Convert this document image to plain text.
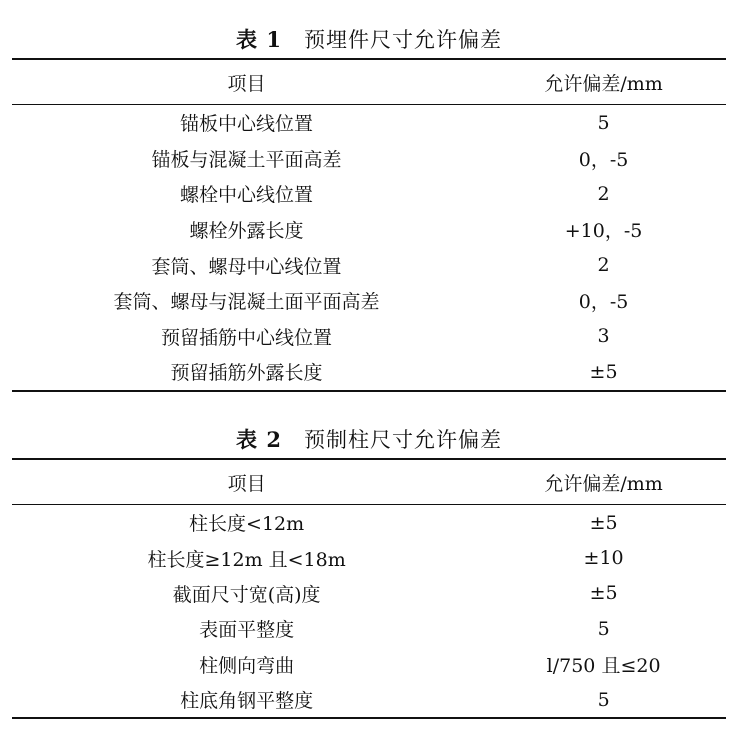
表 1 预埋件尺寸允许偏差
项目	允许偏差/mm
锚板中心线位置	5
锚板与混凝土平面高差	0，-5
螺栓中心线位置	2
螺栓外露长度	+10，-5
套筒、螺母中心线位置	2
套筒、螺母与混凝土面平面高差	0，-5
预留插筋中心线位置	3
预留插筋外露长度	±5
表 2 预制柱尺寸允许偏差
项目	允许偏差/mm
柱长度<12m	±5
柱长度≥12m 且<18m	±10
截面尺寸宽(高)度	±5
表面平整度	5
柱侧向弯曲	l/750 且≤20
柱底角钢平整度	5
